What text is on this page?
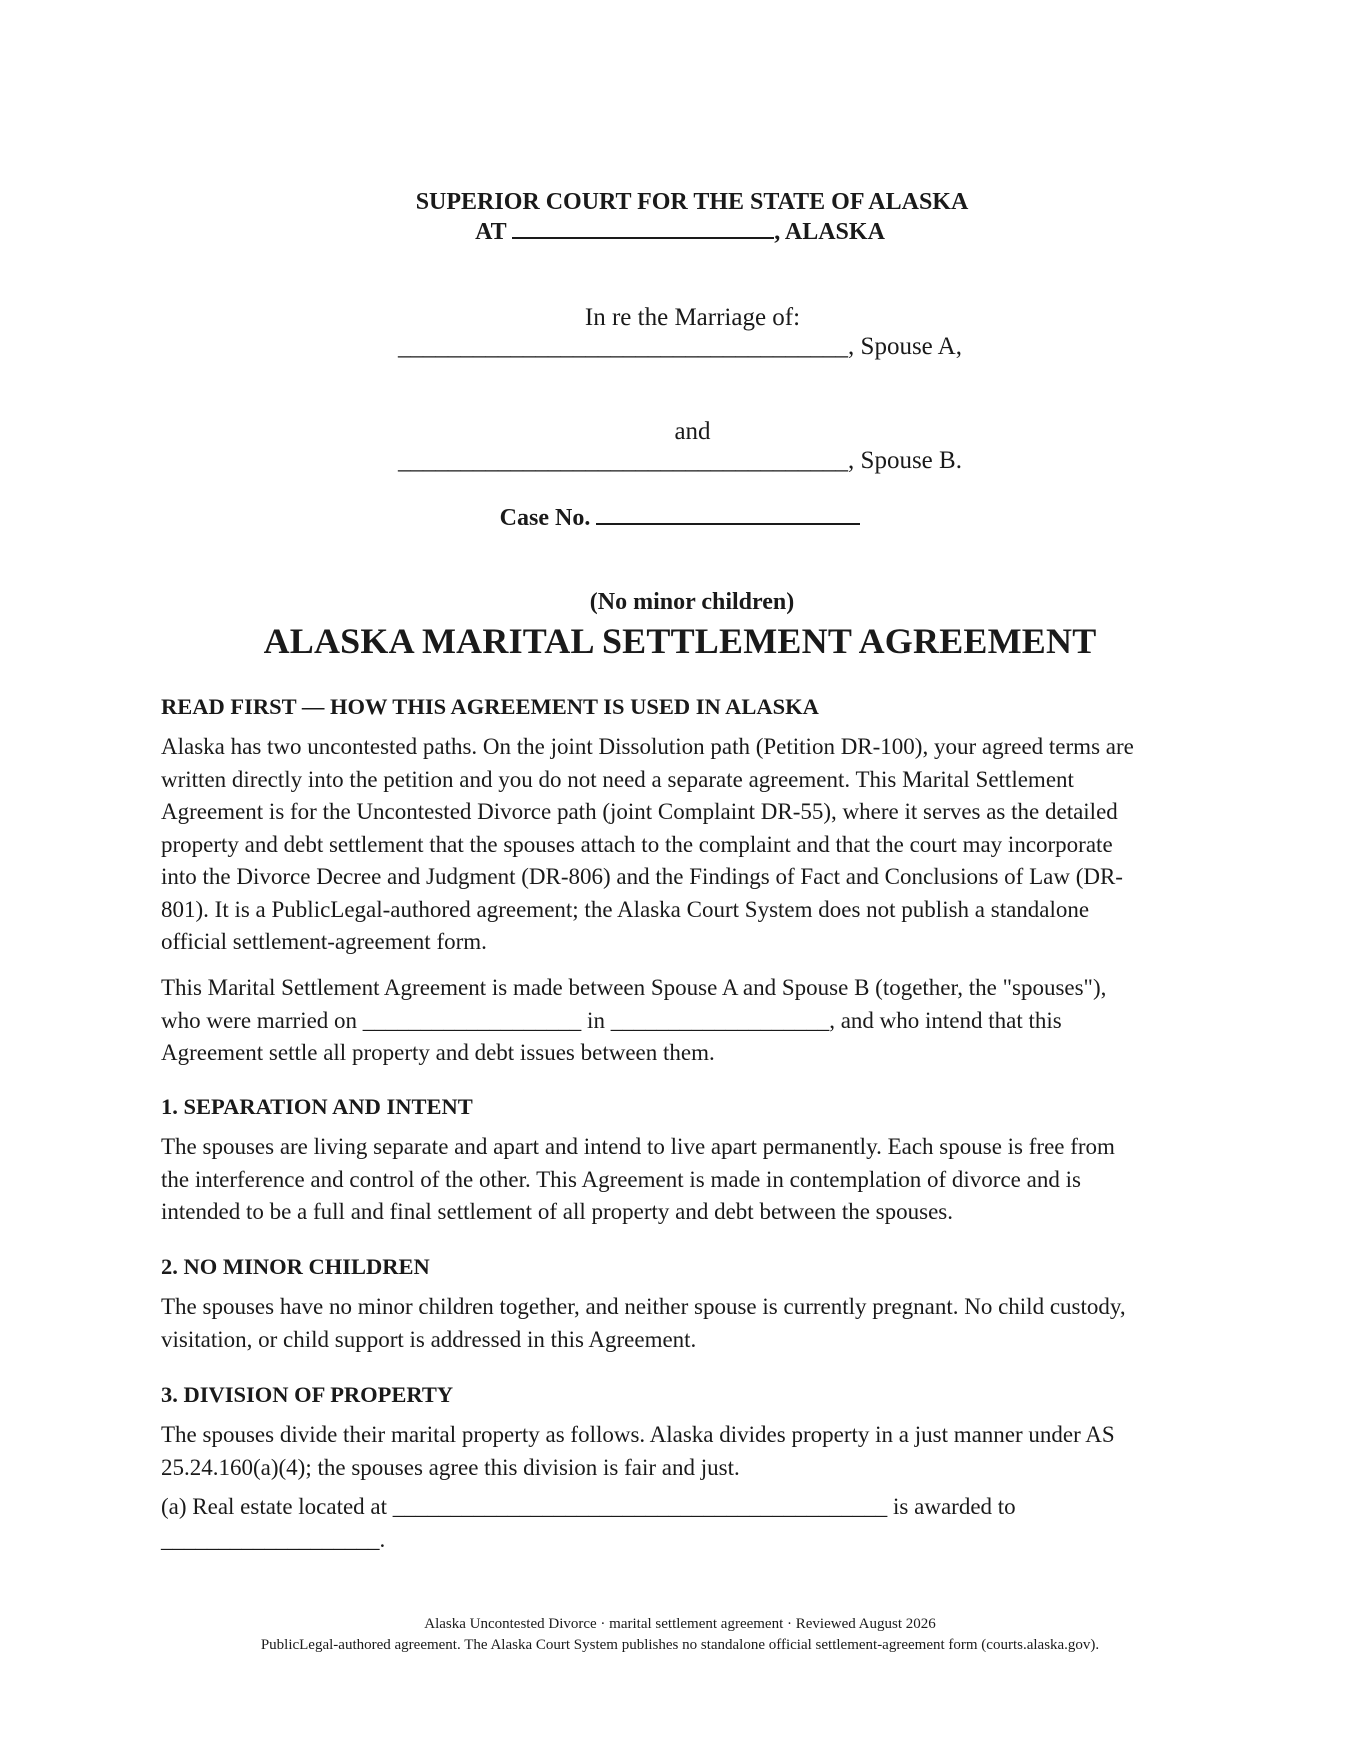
SUPERIOR COURT FOR THE STATE OF ALASKA

AT	, ALASKA

In re the Marriage of:

____________________________________, Spouse A,

and

____________________________________, Spouse B.
Case No.

(No minor children)

ALASKA MARITAL SETTLEMENT AGREEMENT
READ FIRST — HOW THIS AGREEMENT IS USED IN ALASKA
Alaska has two uncontested paths. On the joint Dissolution path (Petition DR-100), your agreed terms are
written directly into the petition and you do not need a separate agreement. This Marital Settlement
Agreement is for the Uncontested Divorce path (joint Complaint DR-55), where it serves as the detailed
property and debt settlement that the spouses attach to the complaint and that the court may incorporate
into the Divorce Decree and Judgment (DR-806) and the Findings of Fact and Conclusions of Law (DR-
801). It is a PublicLegal-authored agreement; the Alaska Court System does not publish a standalone
official settlement-agreement form.
This Marital Settlement Agreement is made between Spouse A and Spouse B (together, the "spouses"),
who were married on ___________________ in ___________________, and who intend that this
Agreement settle all property and debt issues between them.
1. SEPARATION AND INTENT
The spouses are living separate and apart and intend to live apart permanently. Each spouse is free from
the interference and control of the other. This Agreement is made in contemplation of divorce and is
intended to be a full and final settlement of all property and debt between the spouses.
2. NO MINOR CHILDREN
The spouses have no minor children together, and neither spouse is currently pregnant. No child custody,
visitation, or child support is addressed in this Agreement.
3. DIVISION OF PROPERTY
The spouses divide their marital property as follows. Alaska divides property in a just manner under AS
25.24.160(a)(4); the spouses agree this division is fair and just.
(a) Real estate located at ___________________________________________ is awarded to
___________________.
Alaska Uncontested Divorce · marital settlement agreement · Reviewed August 2026
PublicLegal-authored agreement. The Alaska Court System publishes no standalone official settlement-agreement form (courts.alaska.gov).
